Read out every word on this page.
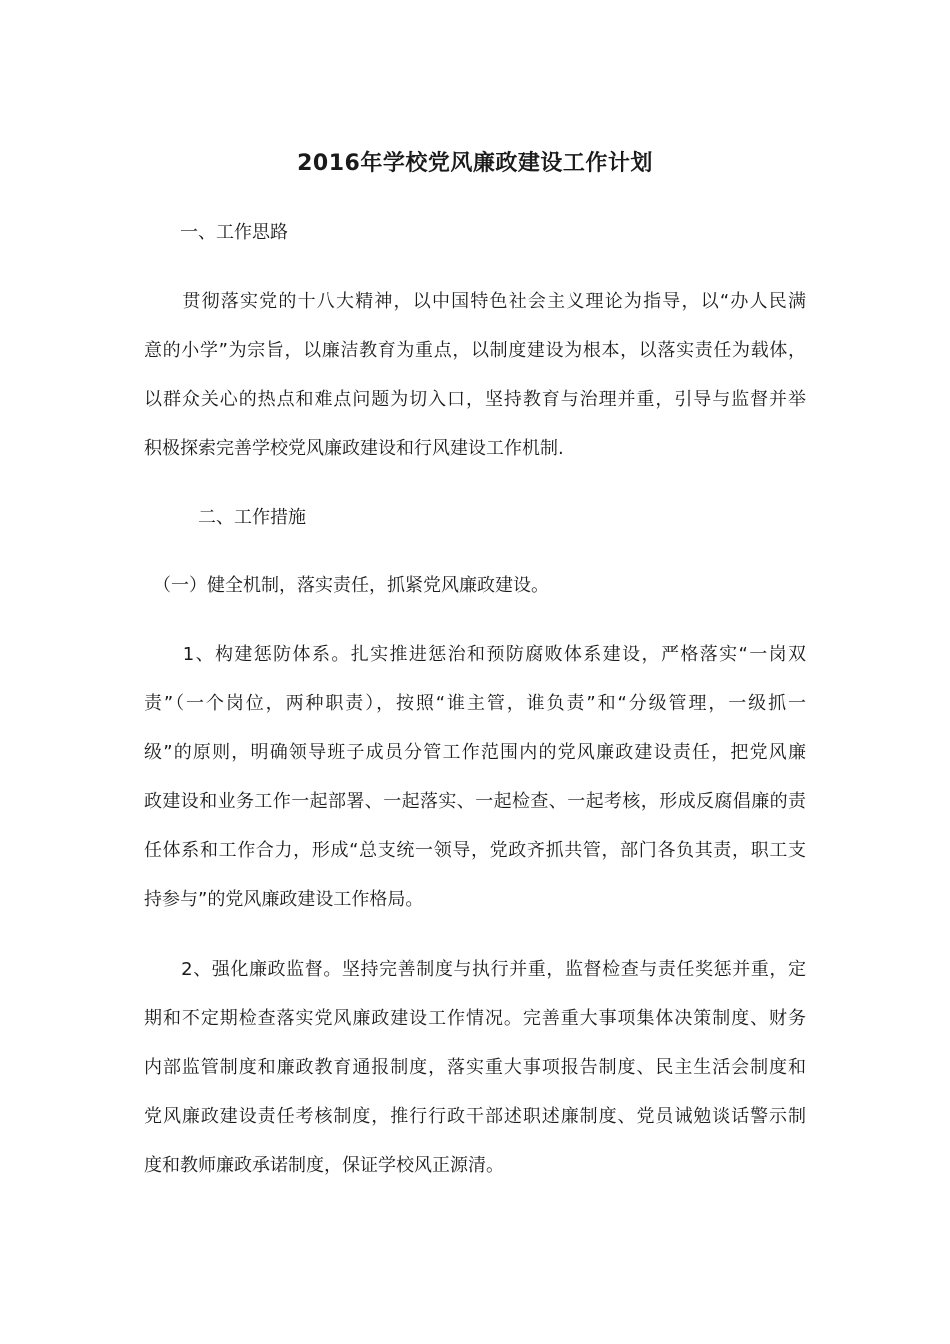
2016年学校党风廉政建设工作计划
　　一、工作思路
　　贯彻落实党的十八大精神，以中国特色社会主义理论为指导，以“办人民满
意的小学”为宗旨，以廉洁教育为重点，以制度建设为根本，以落实责任为载体，
以群众关心的热点和难点问题为切入口，坚持教育与治理并重，引导与监督并举
积极探索完善学校党风廉政建设和行风建设工作机制.
　　　二、工作措施
　（一）健全机制，落实责任，抓紧党风廉政建设。
　　1、构建惩防体系。扎实推进惩治和预防腐败体系建设，严格落实“一岗双
责”（一个岗位，两种职责），按照“谁主管，谁负责”和“分级管理，一级抓一
级”的原则，明确领导班子成员分管工作范围内的党风廉政建设责任，把党风廉
政建设和业务工作一起部署、一起落实、一起检查、一起考核，形成反腐倡廉的责
任体系和工作合力，形成“总支统一领导，党政齐抓共管，部门各负其责，职工支
持参与”的党风廉政建设工作格局。
　　2、强化廉政监督。坚持完善制度与执行并重，监督检查与责任奖惩并重，定
期和不定期检查落实党风廉政建设工作情况。完善重大事项集体决策制度、财务
内部监管制度和廉政教育通报制度，落实重大事项报告制度、民主生活会制度和
党风廉政建设责任考核制度，推行行政干部述职述廉制度、党员诫勉谈话警示制
度和教师廉政承诺制度，保证学校风正源清。
